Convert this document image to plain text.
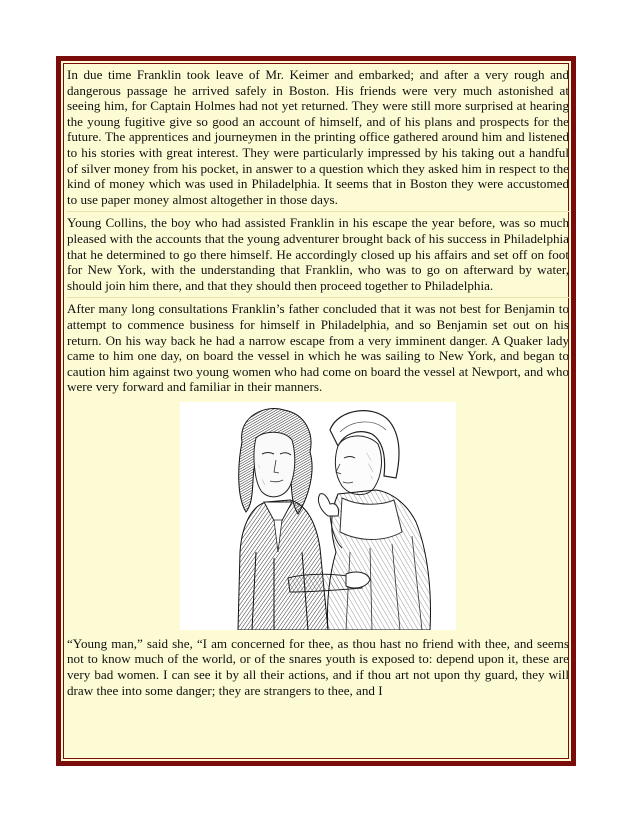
In due time Franklin took leave of Mr. Keimer and embarked; and after a very rough and dangerous passage he arrived safely in Boston. His friends were very much astonished at seeing him, for Captain Holmes had not yet returned. They were still more surprised at hearing the young fugitive give so good an account of himself, and of his plans and prospects for the future. The apprentices and journeymen in the printing office gathered around him and listened to his stories with great interest. They were particularly impressed by his taking out a handful of silver money from his pocket, in answer to a question which they asked him in respect to the kind of money which was used in Philadelphia. It seems that in Boston they were accustomed to use paper money almost altogether in those days.

Young Collins, the boy who had assisted Franklin in his escape the year before, was so much pleased with the accounts that the young adventurer brought back of his success in Philadelphia that he determined to go there himself. He accordingly closed up his affairs and set off on foot for New York, with the understanding that Franklin, who was to go on afterward by water, should join him there, and that they should then proceed together to Philadelphia.

After many long consultations Franklin’s father concluded that it was not best for Benjamin to attempt to commence business for himself in Philadelphia, and so Benjamin set out on his return. On his way back he had a narrow escape from a very imminent danger. A Quaker lady came to him one day, on board the vessel in which he was sailing to New York, and began to caution him against two young women who had come on board the vessel at Newport, and who were very forward and familiar in their manners.

“Young man,” said she, “I am concerned for thee, as thou hast no friend with thee, and seems not to know much of the world, or of the snares youth is exposed to: depend upon it, these are very bad women. I can see it by all their actions, and if thou art not upon thy guard, they will draw thee into some danger; they are strangers to thee, and I
